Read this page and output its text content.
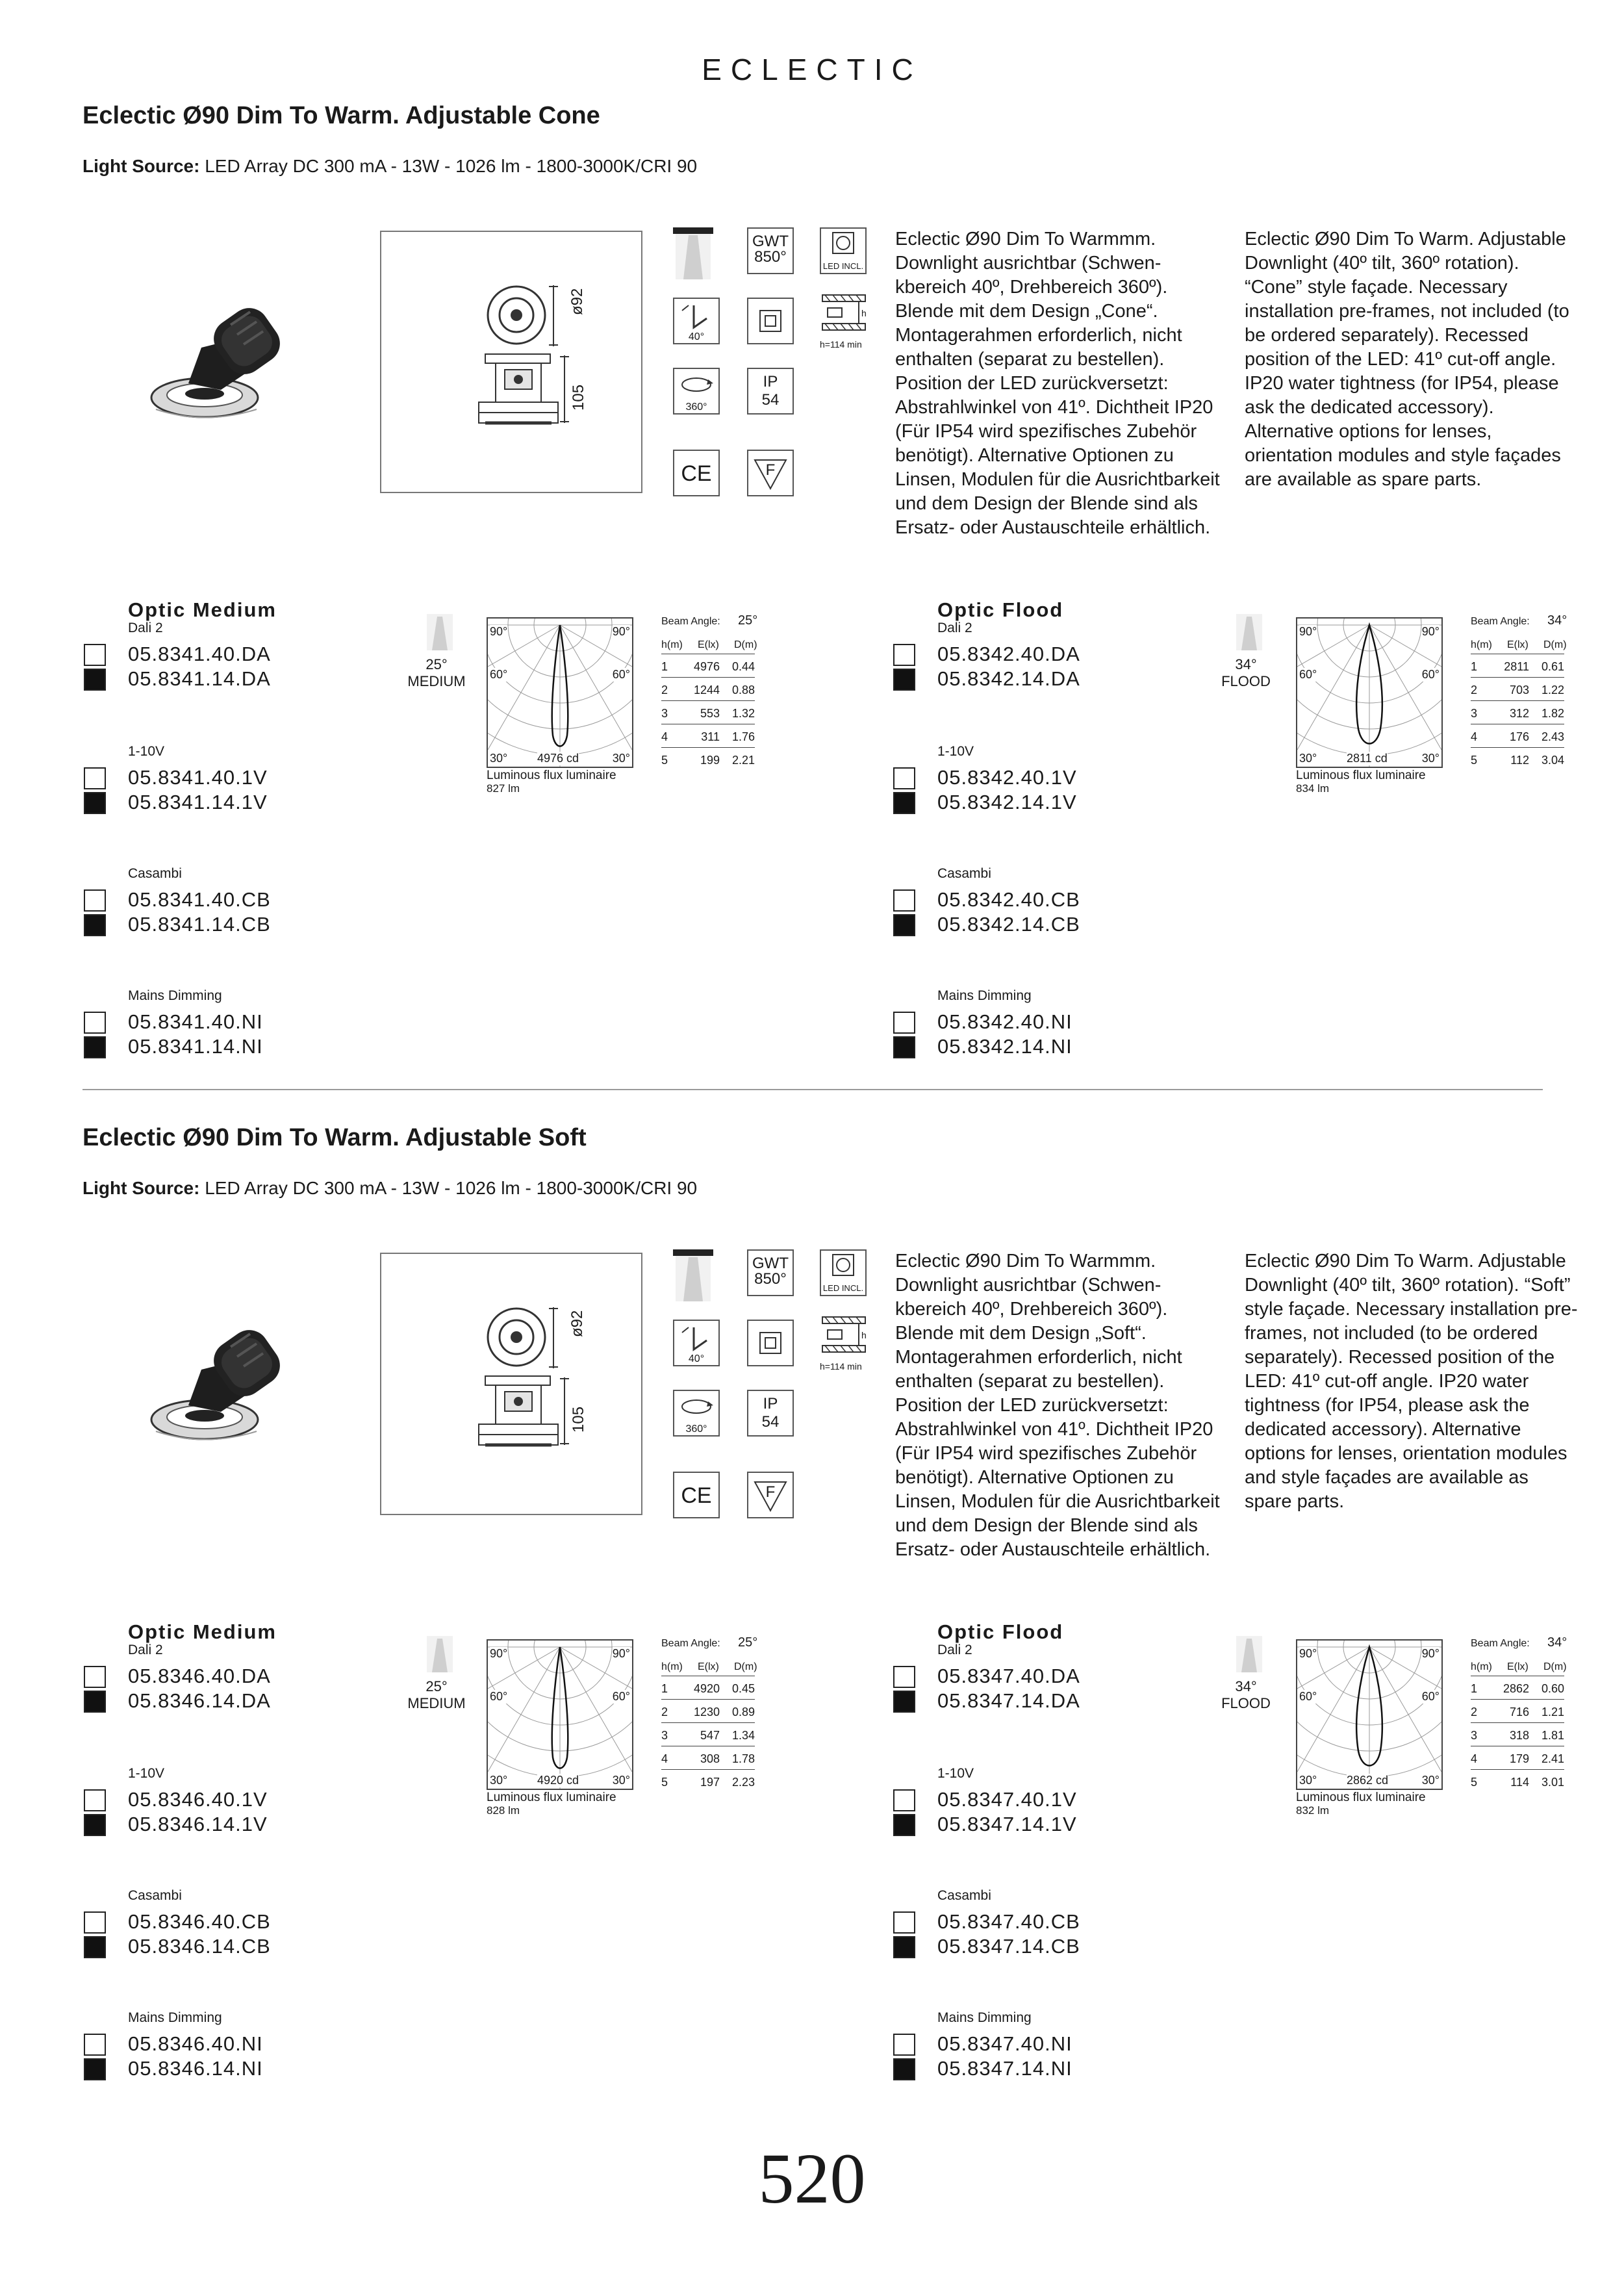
ECLECTIC
520
Eclectic Ø90 Dim To Warm. Adjustable Cone
Light Source: LED Array DC 300 mA - 13W - 1026 lm - 1800-3000K/CRI 90
ø92
105
GWT
850°
LED INCL.
40°
h
h=114 min
360°
IP
54
CE	F
Eclectic Ø90 Dim To Warmmm. Downlight ausrichtbar (Schwen-kbereich 40º, Drehbereich 360º). Blende mit dem Design „Cone“. Montagerahmen erforderlich, nicht enthalten (separat zu bestellen). Position der LED zurückversetzt: Abstrahlwinkel von 41º. Dichtheit IP20 (Für IP54 wird spezifisches Zubehör benötigt). Alternative Optionen zu Linsen, Modulen für die Ausrichtbarkeit und dem Design der Blende sind als Ersatz- oder Austauschteile erhältlich.
Eclectic Ø90 Dim To Warm. Adjustable Downlight (40º tilt, 360º rotation). “Cone” style façade. Necessary installation pre-frames, not included (to be ordered separately). Recessed position of the LED: 41º cut-off angle. IP20 water tightness (for IP54, please ask the dedicated accessory). Alternative options for lenses, orientation modules and style façades are available as spare parts.
Optic Medium
Dali 2
05.8341.40.DA
05.8341.14.DA
1-10V
05.8341.40.1V
05.8341.14.1V
Casambi
05.8341.40.CB
05.8341.14.CB
Mains Dimming
05.8341.40.NI
05.8341.14.NI
25°
MEDIUM
90°	90°
60°	60°
30°	30°
4976 cd
Luminous flux luminaire
827 lm
Beam Angle: 25°
h(m) E(lx) D(m)
1	4976	0.44
2	1244	0.88
3	553	1.32
4	311	1.76
5	199	2.21
Optic Flood
Dali 2
05.8342.40.DA
05.8342.14.DA
1-10V
05.8342.40.1V
05.8342.14.1V
Casambi
05.8342.40.CB
05.8342.14.CB
Mains Dimming
05.8342.40.NI
05.8342.14.NI
34°
FLOOD
90°	90°
60°	60°
30°	30°
2811 cd
Luminous flux luminaire
834 lm
Beam Angle: 34°
h(m) E(lx) D(m)
1	2811	0.61
2	703	1.22
3	312	1.82
4	176	2.43
5	112	3.04
Eclectic Ø90 Dim To Warm. Adjustable Soft
Light Source: LED Array DC 300 mA - 13W - 1026 lm - 1800-3000K/CRI 90
ø92
105
GWT
850°
LED INCL.
40°
h
h=114 min
360°
IP
54
CE	F
Eclectic Ø90 Dim To Warmmm. Downlight ausrichtbar (Schwen-kbereich 40º, Drehbereich 360º). Blende mit dem Design „Soft“. Montagerahmen erforderlich, nicht enthalten (separat zu bestellen). Position der LED zurückversetzt: Abstrahlwinkel von 41º. Dichtheit IP20 (Für IP54 wird spezifisches Zubehör benötigt). Alternative Optionen zu Linsen, Modulen für die Ausrichtbarkeit und dem Design der Blende sind als Ersatz- oder Austauschteile erhältlich.
Eclectic Ø90 Dim To Warm. Adjustable Downlight (40º tilt, 360º rotation). “Soft” style façade. Necessary installation pre-frames, not included (to be ordered separately). Recessed position of the LED: 41º cut-off angle. IP20 water tightness (for IP54, please ask the dedicated accessory). Alternative options for lenses, orientation modules and style façades are available as spare parts.
Optic Medium
Dali 2
05.8346.40.DA
05.8346.14.DA
1-10V
05.8346.40.1V
05.8346.14.1V
Casambi
05.8346.40.CB
05.8346.14.CB
Mains Dimming
05.8346.40.NI
05.8346.14.NI
25°
MEDIUM
90°	90°
60°	60°
30°	30°
4920 cd
Luminous flux luminaire
828 lm
Beam Angle: 25°
h(m) E(lx) D(m)
1	4920	0.45
2	1230	0.89
3	547	1.34
4	308	1.78
5	197	2.23
Optic Flood
Dali 2
05.8347.40.DA
05.8347.14.DA
1-10V
05.8347.40.1V
05.8347.14.1V
Casambi
05.8347.40.CB
05.8347.14.CB
Mains Dimming
05.8347.40.NI
05.8347.14.NI
34°
FLOOD
90°	90°
60°	60°
30°	30°
2862 cd
Luminous flux luminaire
832 lm
Beam Angle: 34°
h(m) E(lx) D(m)
1	2862	0.60
2	716	1.21
3	318	1.81
4	179	2.41
5	114	3.01
